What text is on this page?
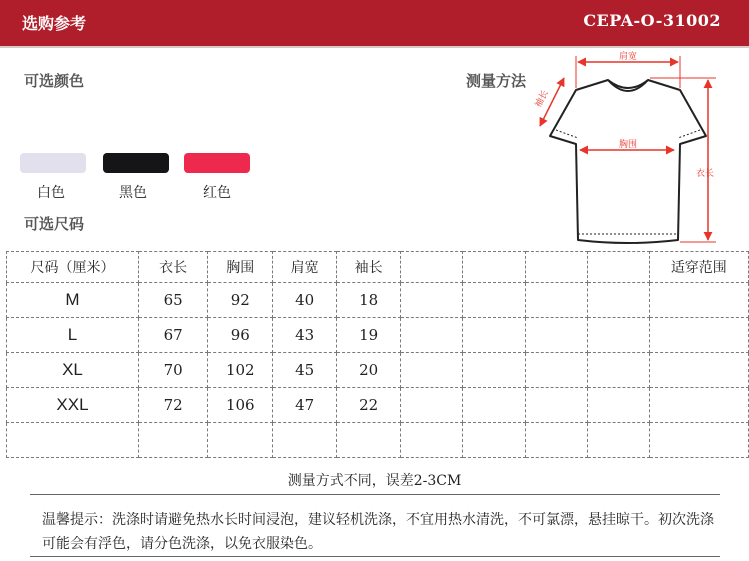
选购参考	CEPA-O-31002
可选颜色
白色	黑色	红色
可选尺码
测量方法
肩宽
袖长
胸围
衣长
尺码（厘米）	衣长	胸围	肩宽	袖长					适穿范围
M	65	92	40	18					
L	67	96	43	19					
XL	70	102	45	20					
XXL	72	106	47	22					

测量方式不同，误差2-3CM
温馨提示：洗涤时请避免热水长时间浸泡，建议轻机洗涤，不宜用热水清洗，不可氯漂，悬挂晾干。初次洗涤可能会有浮色，请分色洗涤，以免衣服染色。
